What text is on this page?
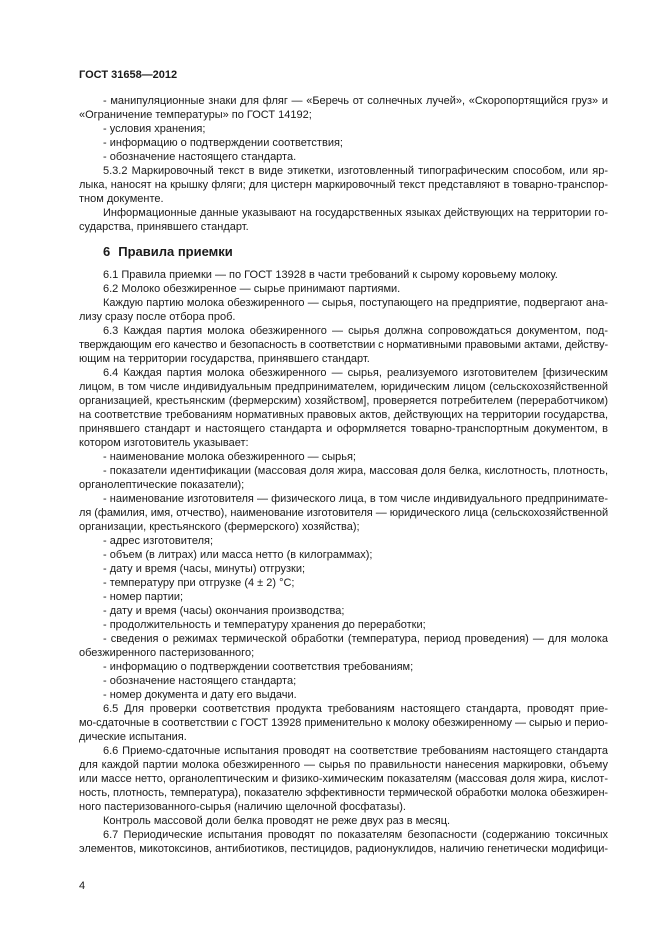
ГОСТ 31658—2012
- манипуляционные знаки для фляг — «Беречь от солнечных лучей», «Скоропортящийся груз» и
«Ограничение температуры» по ГОСТ 14192;
- условия хранения;
- информацию о подтверждении соответствия;
- обозначение настоящего стандарта.
5.3.2 Маркировочный текст в виде этикетки, изготовленный типографическим способом, или яр-
лыка, наносят на крышку фляги; для цистерн маркировочный текст представляют в товарно-транспор-
тном документе.
Информационные данные указывают на государственных языках действующих на территории го-
сударства, принявшего стандарт.
6 Правила приемки
6.1 Правила приемки — по ГОСТ 13928 в части требований к сырому коровьему молоку.
6.2 Молоко обезжиренное — сырье принимают партиями.
Каждую партию молока обезжиренного — сырья, поступающего на предприятие, подвергают ана-
лизу сразу после отбора проб.
6.3 Каждая партия молока обезжиренного — сырья должна сопровождаться документом, под-
тверждающим его качество и безопасность в соответствии с нормативными правовыми актами, действу-
ющим на территории государства, принявшего стандарт.
6.4 Каждая партия молока обезжиренного — сырья, реализуемого изготовителем [физическим
лицом, в том числе индивидуальным предпринимателем, юридическим лицом (сельскохозяйственной
организацией, крестьянским (фермерским) хозяйством], проверяется потребителем (переработчиком)
на соответствие требованиям нормативных правовых актов, действующих на территории государства,
принявшего стандарт и настоящего стандарта и оформляется товарно-транспортным документом, в
котором изготовитель указывает:
- наименование молока обезжиренного — сырья;
- показатели идентификации (массовая доля жира, массовая доля белка, кислотность, плотность,
органолептические показатели);
- наименование изготовителя — физического лица, в том числе индивидуального предпринимате-
ля (фамилия, имя, отчество), наименование изготовителя — юридического лица (сельскохозяйственной
организации, крестьянского (фермерского) хозяйства);
- адрес изготовителя;
- объем (в литрах) или масса нетто (в килограммах);
- дату и время (часы, минуты) отгрузки;
- температуру при отгрузке (4 ± 2) °С;
- номер партии;
- дату и время (часы) окончания производства;
- продолжительность и температуру хранения до переработки;
- сведения о режимах термической обработки (температура, период проведения) — для молока
обезжиренного пастеризованного;
- информацию о подтверждении соответствия требованиям;
- обозначение настоящего стандарта;
- номер документа и дату его выдачи.
6.5 Для проверки соответствия продукта требованиям настоящего стандарта, проводят прие-
мо-сдаточные в соответствии с ГОСТ 13928 применительно к молоку обезжиренному — сырью и перио-
дические испытания.
6.6 Приемо-сдаточные испытания проводят на соответствие требованиям настоящего стандарта
для каждой партии молока обезжиренного — сырья по правильности нанесения маркировки, объему
или массе нетто, органолептическим и физико-химическим показателям (массовая доля жира, кислот-
ность, плотность, температура), показателю эффективности термической обработки молока обезжирен-
ного пастеризованного-сырья (наличию щелочной фосфатазы).
Контроль массовой доли белка проводят не реже двух раз в месяц.
6.7 Периодические испытания проводят по показателям безопасности (содержанию токсичных
элементов, микотоксинов, антибиотиков, пестицидов, радионуклидов, наличию генетически модифици-
4
